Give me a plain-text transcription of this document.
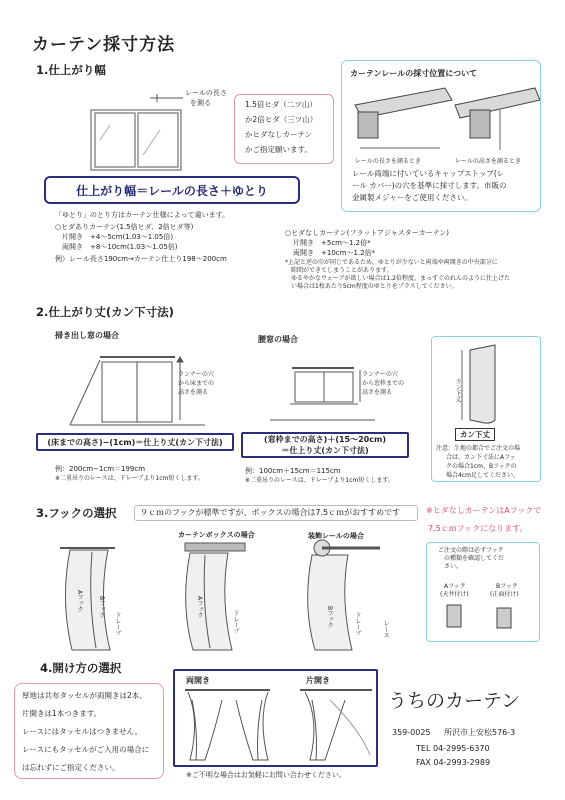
カーテン採寸方法
1.仕上がり幅
レールの長さ
を測る	1.5倍ヒダ（二ツ山）
か2倍ヒダ（三ツ山）
かヒダなしカーテン
かご指定願います。
仕上がり幅＝レールの長さ＋ゆとり
「ゆとり」のとり方はカーテン仕様によって違います。
○ヒダありカーテン(1.5倍ヒダ、2倍ヒダ等)
片開き　+4〜5cm(1.03〜1.05倍)
両開き　+8〜10cm(1.03〜1.05倍)
例）レール長さ190cm→カーテン仕上り198〜200cm
○ヒダなしカーテン(フラットアジャスターカーテン)
片開き　+5cm〜1.2倍*
両開き　+10cm〜1.2倍*
*上記と逆の巾が同じであるため、ゆとりが少ないと両端や両開きの中央部分に
　隙間ができてしまうことがあります。
　ゆるやかなウェーブが欲しい場合は1.2倍程度、まっすぐのれんのように仕上げた
　い場合は1枚あたり5cm程度のゆとりをプラスしてください。
カーテンレールの採寸位置について
レールの長さを測るとき	レールの高さを測るとき
レール両端に付いているキャップストップ(レ
ール カバー)の穴を基準に採寸します。市販の
金属製メジャーをご使用ください。
2.仕上がり丈(カン下寸法)
掃き出し窓の場合	腰窓の場合
ランナーの穴
から床までの
高さを測る
ランナーの穴
から窓枠までの
高さを測る
(床までの高さ)−(1cm)＝仕上り丈(カン下寸法)	(窓枠までの高さ)＋(15〜20cm)
＝仕上り丈(カン下寸法)
例：200cm−1cm＝199cm
※二重吊りのレースは、ドレープより1cm短くします。
例：100cm＋15cm＝115cm
※二重吊りのレースは、ドレープより1cm短くします。
カン下丈
カン下丈
注意：生地の都合でご注文の場
合は、カン下寸法にAフッ
クの場合1cm、Bフックの
場合4cm足してください。
3.フックの選択	９ｃｍのフックが標準ですが、ボックスの場合は7.5ｃｍがおすすめです	※ヒダなしカーテンはAフックで
7.5ｃｍフックになります。
カーテンボックスの場合	装飾レールの場合
Aフック	Bフック
ドレープ
Aフック
ドレープ	Bフック	ドレープ	レース
ご注文の際は必ずフック
の種類を確認してくだ
さい。
Aフック
(天井付け)
Bフック
(正面付け)
4.開け方の選択
厚地は共布タッセルが両開きは2本、
片開きは1本つきます。
レースにはタッセルはつきません。
レースにもタッセルがご入用の場合に
は忘れずにご指定ください。
両開き	片開き
※ご不明な場合はお気軽にお問い合わせください。
うちのカーテン
359-0025 所沢市上安松576-3
TEL 04-2995-6370
FAX 04-2993-2989
